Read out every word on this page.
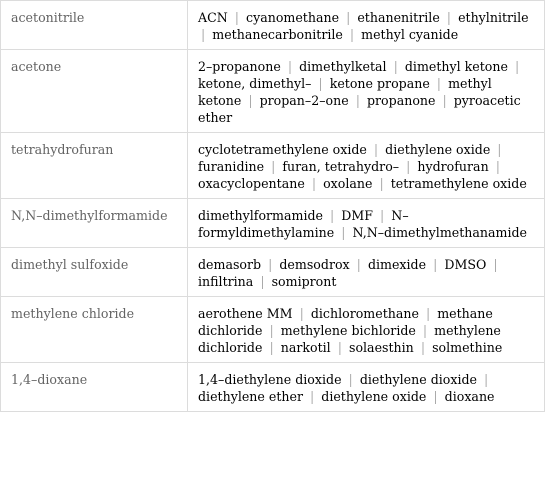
acetonitrile	ACN | cyanomethane | ethanenitrile | ethylnitrile | methanecarbonitrile | methyl cyanide
acetone	2–propanone | dimethylketal | dimethyl ketone | ketone, dimethyl– | ketone propane | methyl ketone | propan–2–one | propanone | pyroacetic ether
tetrahydrofuran	cyclotetramethylene oxide | diethylene oxide | furanidine | furan, tetrahydro– | hydrofuran | oxacyclopentane | oxolane | tetramethylene oxide
N,N–dimethylformamide	dimethylformamide | DMF | N–formyldimethylamine | N,N–dimethylmethanamide
dimethyl sulfoxide	demasorb | demsodrox | dimexide | DMSO | infiltrina | somipront
methylene chloride	aerothene MM | dichloromethane | methane dichloride | methylene bichloride | methylene dichloride | narkotil | solaesthin | solmethine
1,4–dioxane	1,4–diethylene dioxide | diethylene dioxide | diethylene ether | diethylene oxide | dioxane
